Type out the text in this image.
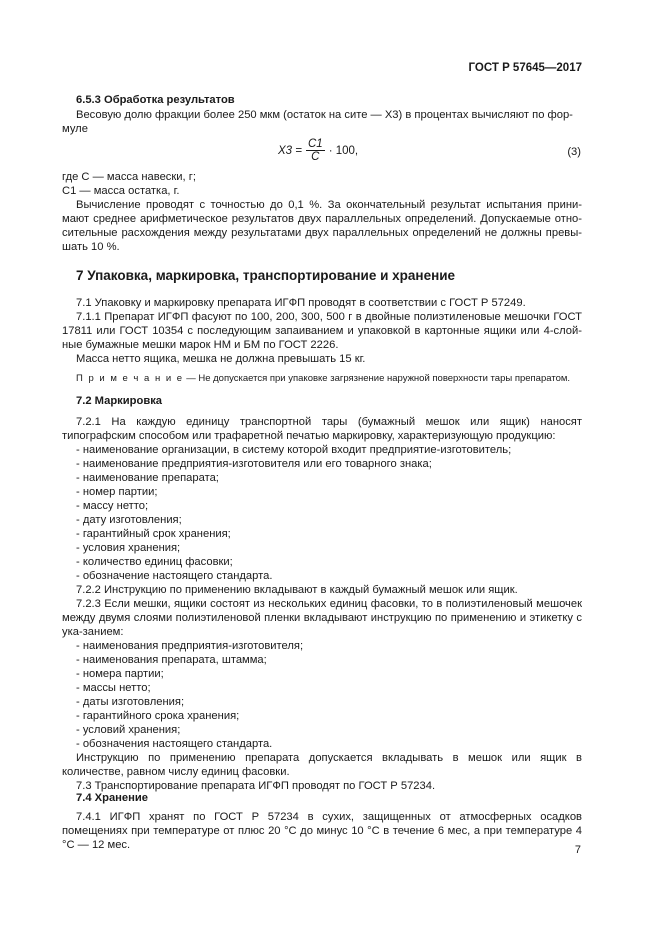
ГОСТ Р 57645—2017

6.5.3 Обработка результатов

Весовую долю фракции более 250 мкм (остаток на сите — X3) в процентах вычисляют по фор-

муле

$X3 = \frac{C1}{C} \cdot 100$,	(3)

где C — масса навески, г;

C1 — масса остатка, г.

Вычисление проводят с точностью до 0,1 %. За окончательный результат испытания прини-мают среднее арифметическое результатов двух параллельных определений. Допускаемые отно-сительные расхождения между результатами двух параллельных определений не должны превы-шать 10 %.

7 Упаковка, маркировка, транспортирование и хранение

7.1 Упаковку и маркировку препарата ИГФП проводят в соответствии с ГОСТ Р 57249.

7.1.1 Препарат ИГФП фасуют по 100, 200, 300, 500 г в двойные полиэтиленовые мешочки ГОСТ 17811 или ГОСТ 10354 с последующим запаиванием и упаковкой в картонные ящики или 4-слой-ные бумажные мешки марок НМ и БМ по ГОСТ 2226.

Масса нетто ящика, мешка не должна превышать 15 кг.

П р и м е ч а н и е — Не допускается при упаковке загрязнение наружной поверхности тары препаратом.

7.2 Маркировка

7.2.1 На каждую единицу транспортной тары (бумажный мешок или ящик) наносят типографским способом или трафаретной печатью маркировку, характеризующую продукцию:

- наименование организации, в систему которой входит предприятие-изготовитель;

- наименование предприятия-изготовителя или его товарного знака;

- наименование препарата;

- номер партии;

- массу нетто;

- дату изготовления;

- гарантийный срок хранения;

- условия хранения;

- количество единиц фасовки;

- обозначение настоящего стандарта.

7.2.2 Инструкцию по применению вкладывают в каждый бумажный мешок или ящик.

7.2.3 Если мешки, ящики состоят из нескольких единиц фасовки, то в полиэтиленовый мешочек между двумя слоями полиэтиленовой пленки вкладывают инструкцию по применению и этикетку с ука-занием:

- наименования предприятия-изготовителя;

- наименования препарата, штамма;

- номера партии;

- массы нетто;

- даты изготовления;

- гарантийного срока хранения;

- условий хранения;

- обозначения настоящего стандарта.

Инструкцию по применению препарата допускается вкладывать в мешок или ящик в количестве, равном числу единиц фасовки.

7.3 Транспортирование препарата ИГФП проводят по ГОСТ Р 57234.

7.4 Хранение

7.4.1 ИГФП хранят по ГОСТ Р 57234 в сухих, защищенных от атмосферных осадков помещениях при температуре от плюс 20 °С до минус 10 °С в течение 6 мес, а при температуре 4 °С — 12 мес.	7
